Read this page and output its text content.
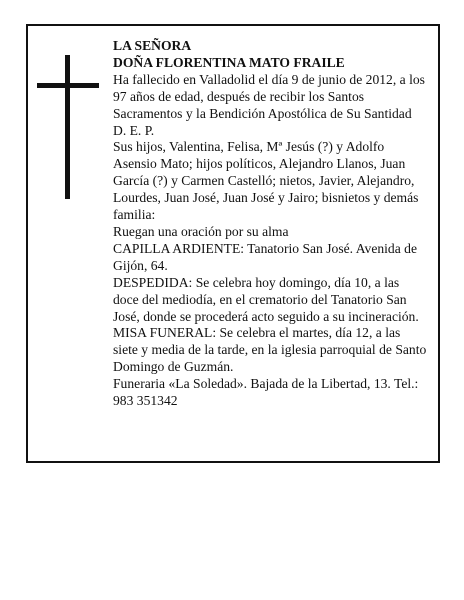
LA SEÑORA

DOÑA FLORENTINA MATO FRAILE

Ha fallecido en Valladolid el día 9 de junio de 2012, a los 97 años de edad, después de recibir los Santos Sacramentos y la Bendición Apostólica de Su Santidad D. E. P.

Sus hijos, Valentina, Felisa, Mª Jesús (?) y Adolfo Asensio Mato; hijos políticos, Alejandro Llanos, Juan García (?) y Carmen Castelló; nietos, Javier, Alejandro, Lourdes, Juan José, Juan José y Jairo; bisnietos y demás familia:

Ruegan una oración por su alma

CAPILLA ARDIENTE: Tanatorio San José. Avenida de Gijón, 64.

DESPEDIDA: Se celebra hoy domingo, día 10, a las doce del mediodía, en el crematorio del Tanatorio San José, donde se procederá acto seguido a su incineración.

MISA FUNERAL: Se celebra el martes, día 12, a las siete y media de la tarde, en la iglesia parroquial de Santo Domingo de Guzmán.

Funeraria «La Soledad». Bajada de la Libertad, 13. Tel.: 983 351342
